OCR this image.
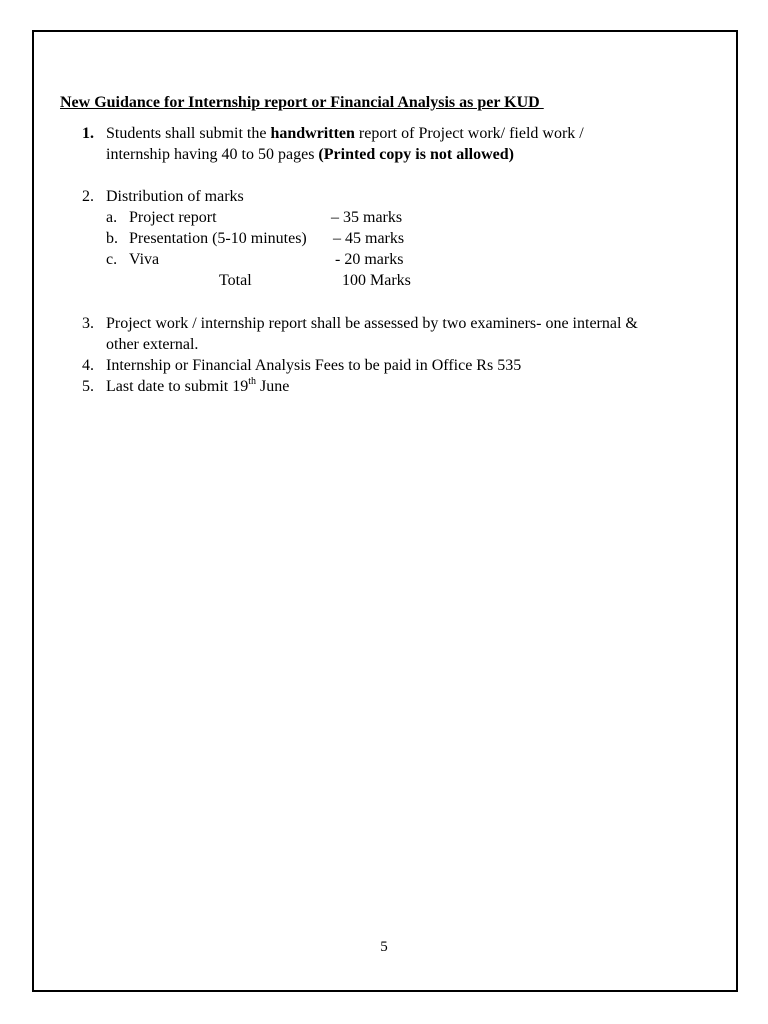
New Guidance for Internship report or Financial Analysis as per KUD
1. Students shall submit the handwritten report of Project work/ field work /
internship having 40 to 50 pages (Printed copy is not allowed)
2. Distribution of marks
a. Project report	– 35 marks
b. Presentation (5-10 minutes) – 45 marks
c. Viva	- 20 marks
Total	100 Marks
3. Project work / internship report shall be assessed by two examiners- one internal &
other external.
4. Internship or Financial Analysis Fees to be paid in Office Rs 535
5. Last date to submit 19th June
5
